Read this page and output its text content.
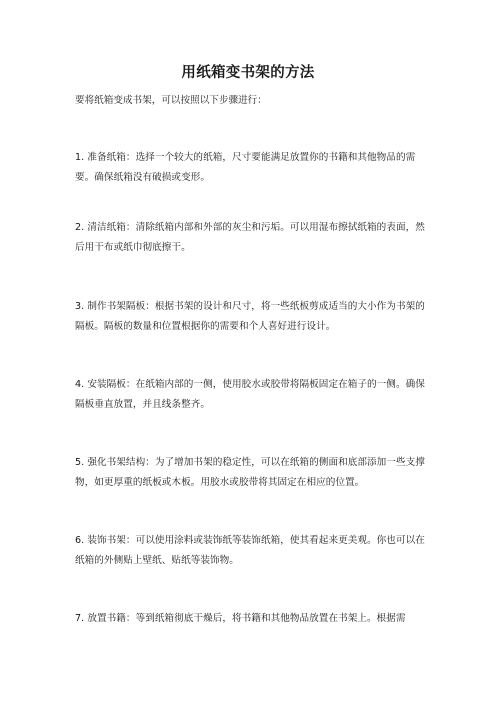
用纸箱变书架的方法
要将纸箱变成书架，可以按照以下步骤进行：
1. 准备纸箱：选择一个较大的纸箱，尺寸要能满足放置你的书籍和其他物品的需要。确保纸箱没有破损或变形。
2. 清洁纸箱：清除纸箱内部和外部的灰尘和污垢。可以用湿布擦拭纸箱的表面，然后用干布或纸巾彻底擦干。
3. 制作书架隔板：根据书架的设计和尺寸，将一些纸板剪成适当的大小作为书架的隔板。隔板的数量和位置根据你的需要和个人喜好进行设计。
4. 安装隔板：在纸箱内部的一侧，使用胶水或胶带将隔板固定在箱子的一侧。确保隔板垂直放置，并且线条整齐。
5. 强化书架结构：为了增加书架的稳定性，可以在纸箱的侧面和底部添加一些支撑物，如更厚重的纸板或木板。用胶水或胶带将其固定在相应的位置。
6. 装饰书架：可以使用涂料或装饰纸等装饰纸箱，使其看起来更美观。你也可以在纸箱的外侧贴上壁纸、贴纸等装饰物。
7. 放置书籍：等到纸箱彻底干燥后，将书籍和其他物品放置在书架上。根据需
